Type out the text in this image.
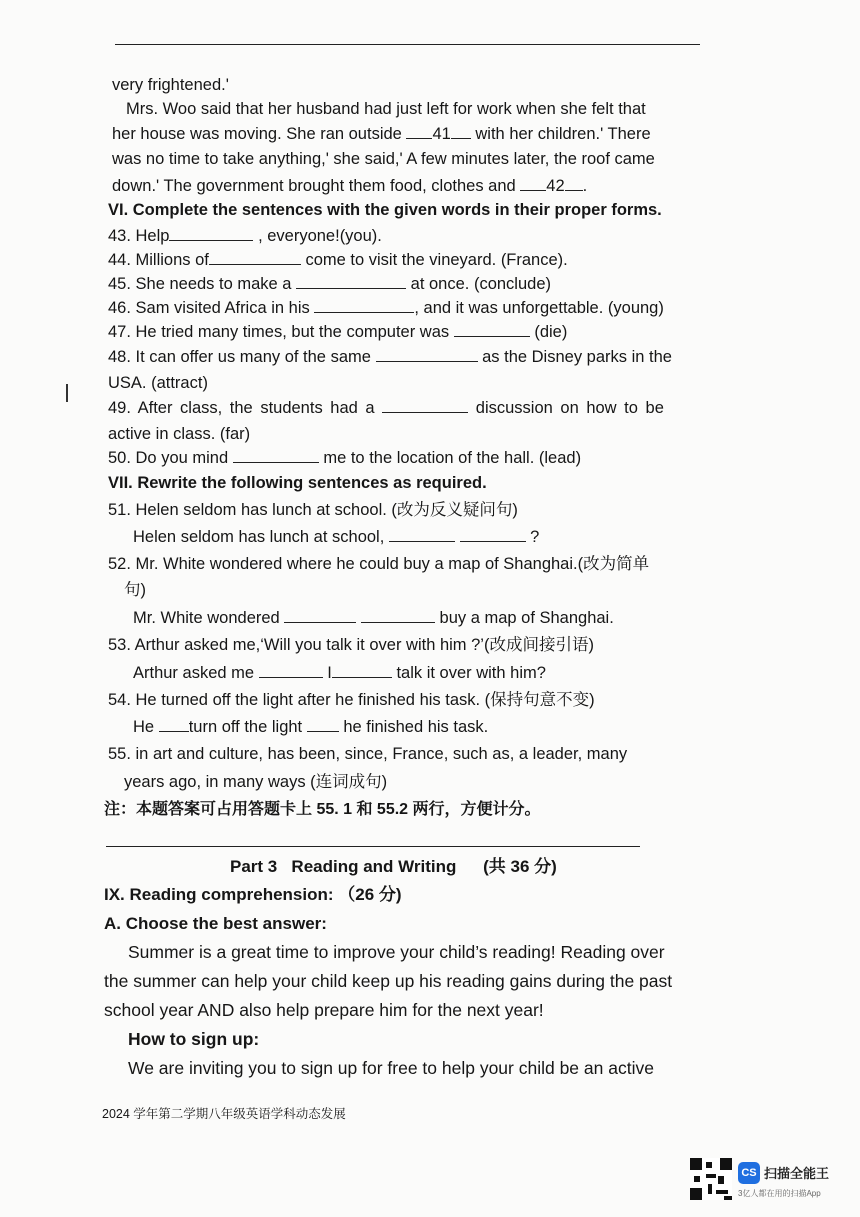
very frightened.'
Mrs. Woo said that her husband had just left for work when she felt that
her house was moving. She ran outside 41 with her children.' There
was no time to take anything,' she said,' A few minutes later, the roof came
down.' The government brought them food, clothes and 42 .
VI. Complete the sentences with the given words in their proper forms.
43. Help	, everyone!(you).
44. Millions of	come to visit the vineyard. (France).
45. She needs to make a	at once. (conclude)
46. Sam visited Africa in his	, and it was unforgettable. (young)
47. He tried many times, but the computer was	(die)
48. It can offer us many of the same	as the Disney parks in the
USA. (attract)
49. After class, the students had a	discussion on how to be
active in class. (far)
50. Do you mind	me to the location of the hall. (lead)
VII. Rewrite the following sentences as required.
51. Helen seldom has lunch at school. (改为反义疑问句)
Helen seldom has lunch at school,	?
52. Mr. White wondered where he could buy a map of Shanghai.(改为简单
句)
Mr. White wondered	buy a map of Shanghai.
53. Arthur asked me,‘Will you talk it over with him ?’(改成间接引语)
Arthur asked me	I	talk it over with him?
54. He turned off the light after he finished his task. (保持句意不变)
He turn off the light he finished his task.
55. in art and culture, has been, since, France, such as, a leader, many
years ago, in many ways (连词成句)
注：本题答案可占用答题卡上 55. 1 和 55.2 两行，方便计分。
Part 3   Reading and Writing (共 36 分)
IX. Reading comprehension: （26 分)
A. Choose the best answer:
Summer is a great time to improve your child’s reading! Reading over
the summer can help your child keep up his reading gains during the past
school year AND also help prepare him for the next year!
How to sign up:
We are inviting you to sign up for free to help your child be an active
2024 学年第二学期八年级英语学科动态发展
CS 扫描全能王
3亿人都在用的扫描App
